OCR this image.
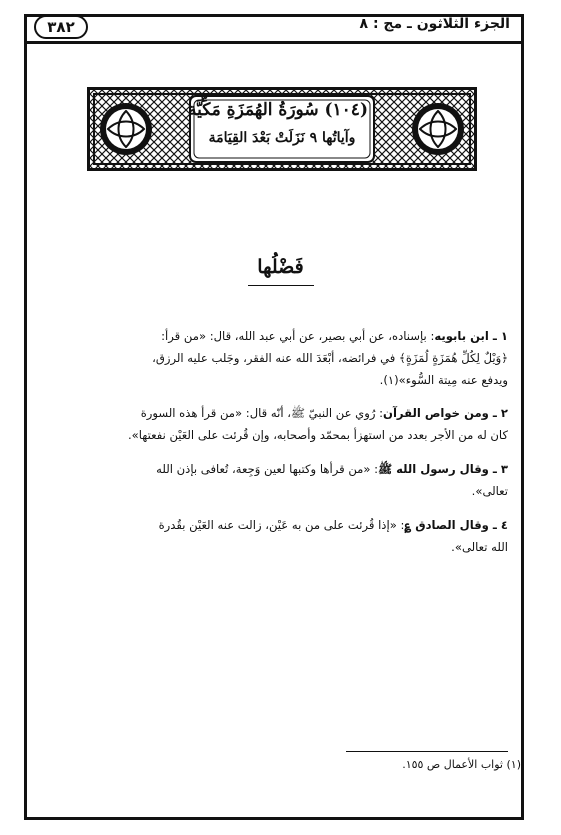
الجزء الثلاثون ـ مج : ٨
٣٨٢
(١٠٤) سُورَةُ الهُمَزَةِ مَكِّيَّة
وآياتُها ٩ نَزَلَتْ بَعْدَ القِيَامَة
فَضْلُها
١ ـ ابن بابويه: بإسناده، عن أبي بصير، عن أبي عبد الله، قال: «من قرأ:
﴿وَيْلٌ لِكُلِّ هُمَزَةٍ لُمَزَةٍ﴾ في فرائضه، أبْعَدَ الله عنه الفقر، وجَلب عليه الرزق،
ويدفع عنه مِيتة السُّوء»(١).
٢ ـ ومن خواص القرآن: رُوي عن النبيّ ﷺ، أنّه قال: «من قرأ هذه السورة
كان له من الأجر بعدد من استهزأ بمحمّد وأصحابه، وإن قُرئت على العَيْن نفعتها».
٣ ـ وقال رسول الله ﷺ: «من قرأها وكتبها لعين وَجِعة، تُعافى بإذن الله
تعالى».
٤ ـ وقال الصادق ؏: «إذا قُرئت على من به عَيْن، زالت عنه العَيْن بقُدرة
الله تعالى».
(١) ثواب الأعمال ص ١٥٥.
